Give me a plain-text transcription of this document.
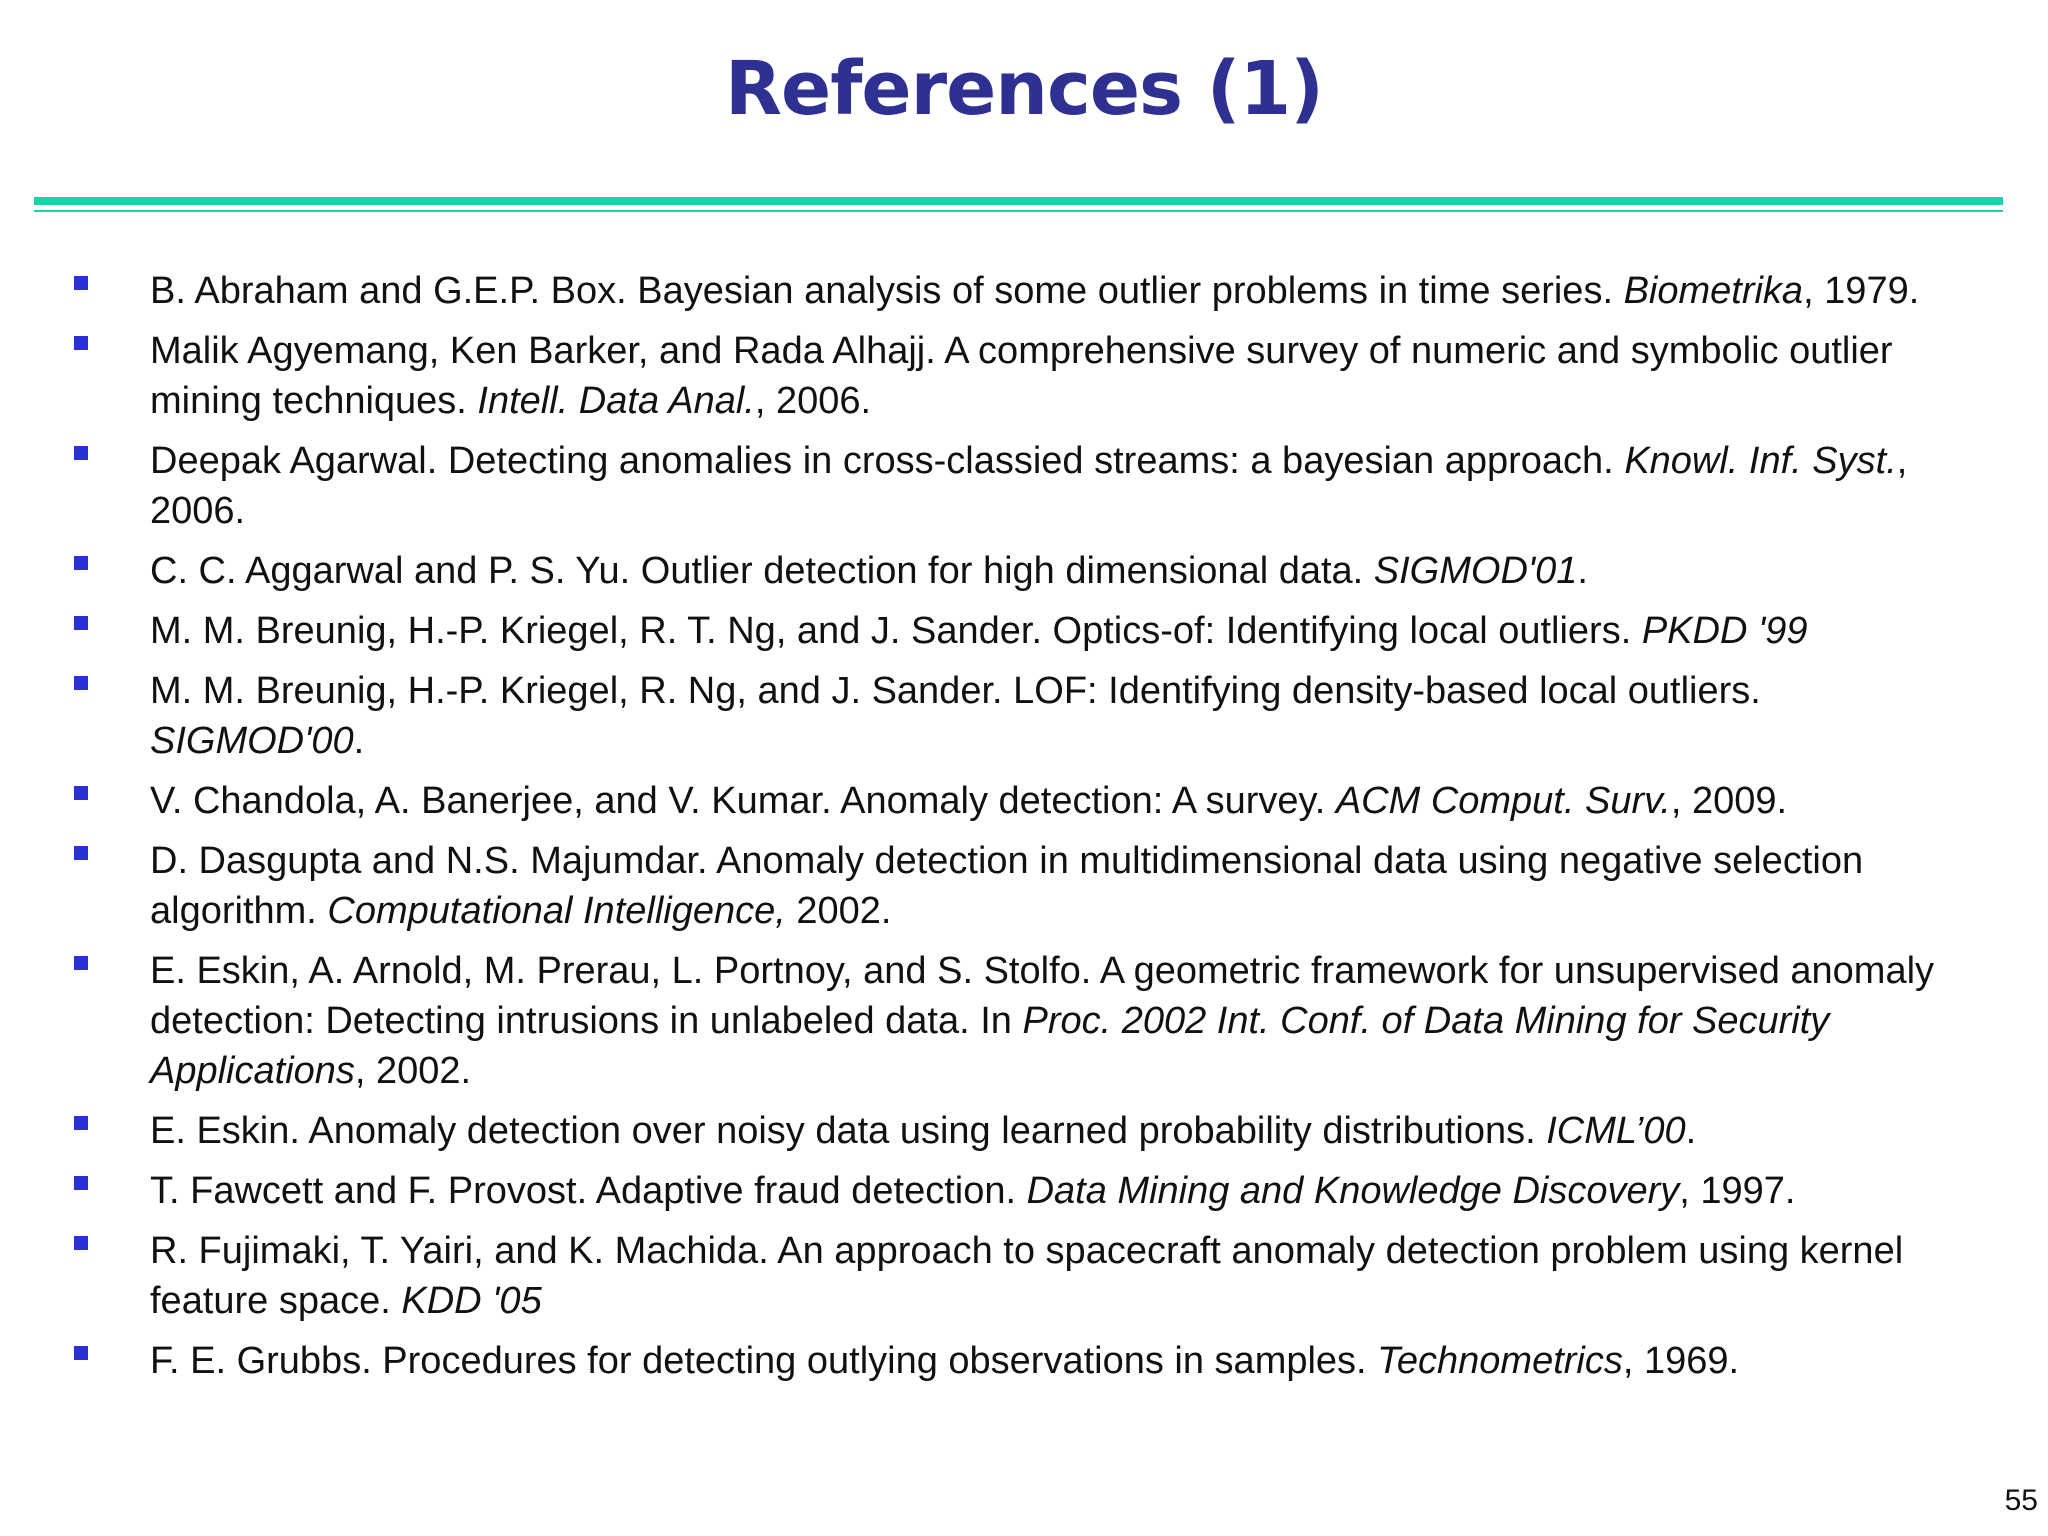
References (1)
B. Abraham and G.E.P. Box. Bayesian analysis of some outlier problems in time series. Biometrika, 1979.
Malik Agyemang, Ken Barker, and Rada Alhajj. A comprehensive survey of numeric and symbolic outlier mining techniques. Intell. Data Anal., 2006.
Deepak Agarwal. Detecting anomalies in cross-classied streams: a bayesian approach. Knowl. Inf. Syst., 2006.
C. C. Aggarwal and P. S. Yu. Outlier detection for high dimensional data. SIGMOD'01.
M. M. Breunig, H.-P. Kriegel, R. T. Ng, and J. Sander. Optics-of: Identifying local outliers. PKDD '99
M. M. Breunig, H.-P. Kriegel, R. Ng, and J. Sander. LOF: Identifying density-based local outliers. SIGMOD'00.
V. Chandola, A. Banerjee, and V. Kumar. Anomaly detection: A survey. ACM Comput. Surv., 2009.
D. Dasgupta and N.S. Majumdar. Anomaly detection in multidimensional data using negative selection algorithm. Computational Intelligence, 2002.
E. Eskin, A. Arnold, M. Prerau, L. Portnoy, and S. Stolfo. A geometric framework for unsupervised anomaly detection: Detecting intrusions in unlabeled data. In Proc. 2002 Int. Conf. of Data Mining for Security Applications, 2002.
E. Eskin. Anomaly detection over noisy data using learned probability distributions. ICML’00.
T. Fawcett and F. Provost. Adaptive fraud detection. Data Mining and Knowledge Discovery, 1997.
R. Fujimaki, T. Yairi, and K. Machida. An approach to spacecraft anomaly detection problem using kernel feature space. KDD '05
F. E. Grubbs. Procedures for detecting outlying observations in samples. Technometrics, 1969.
55
